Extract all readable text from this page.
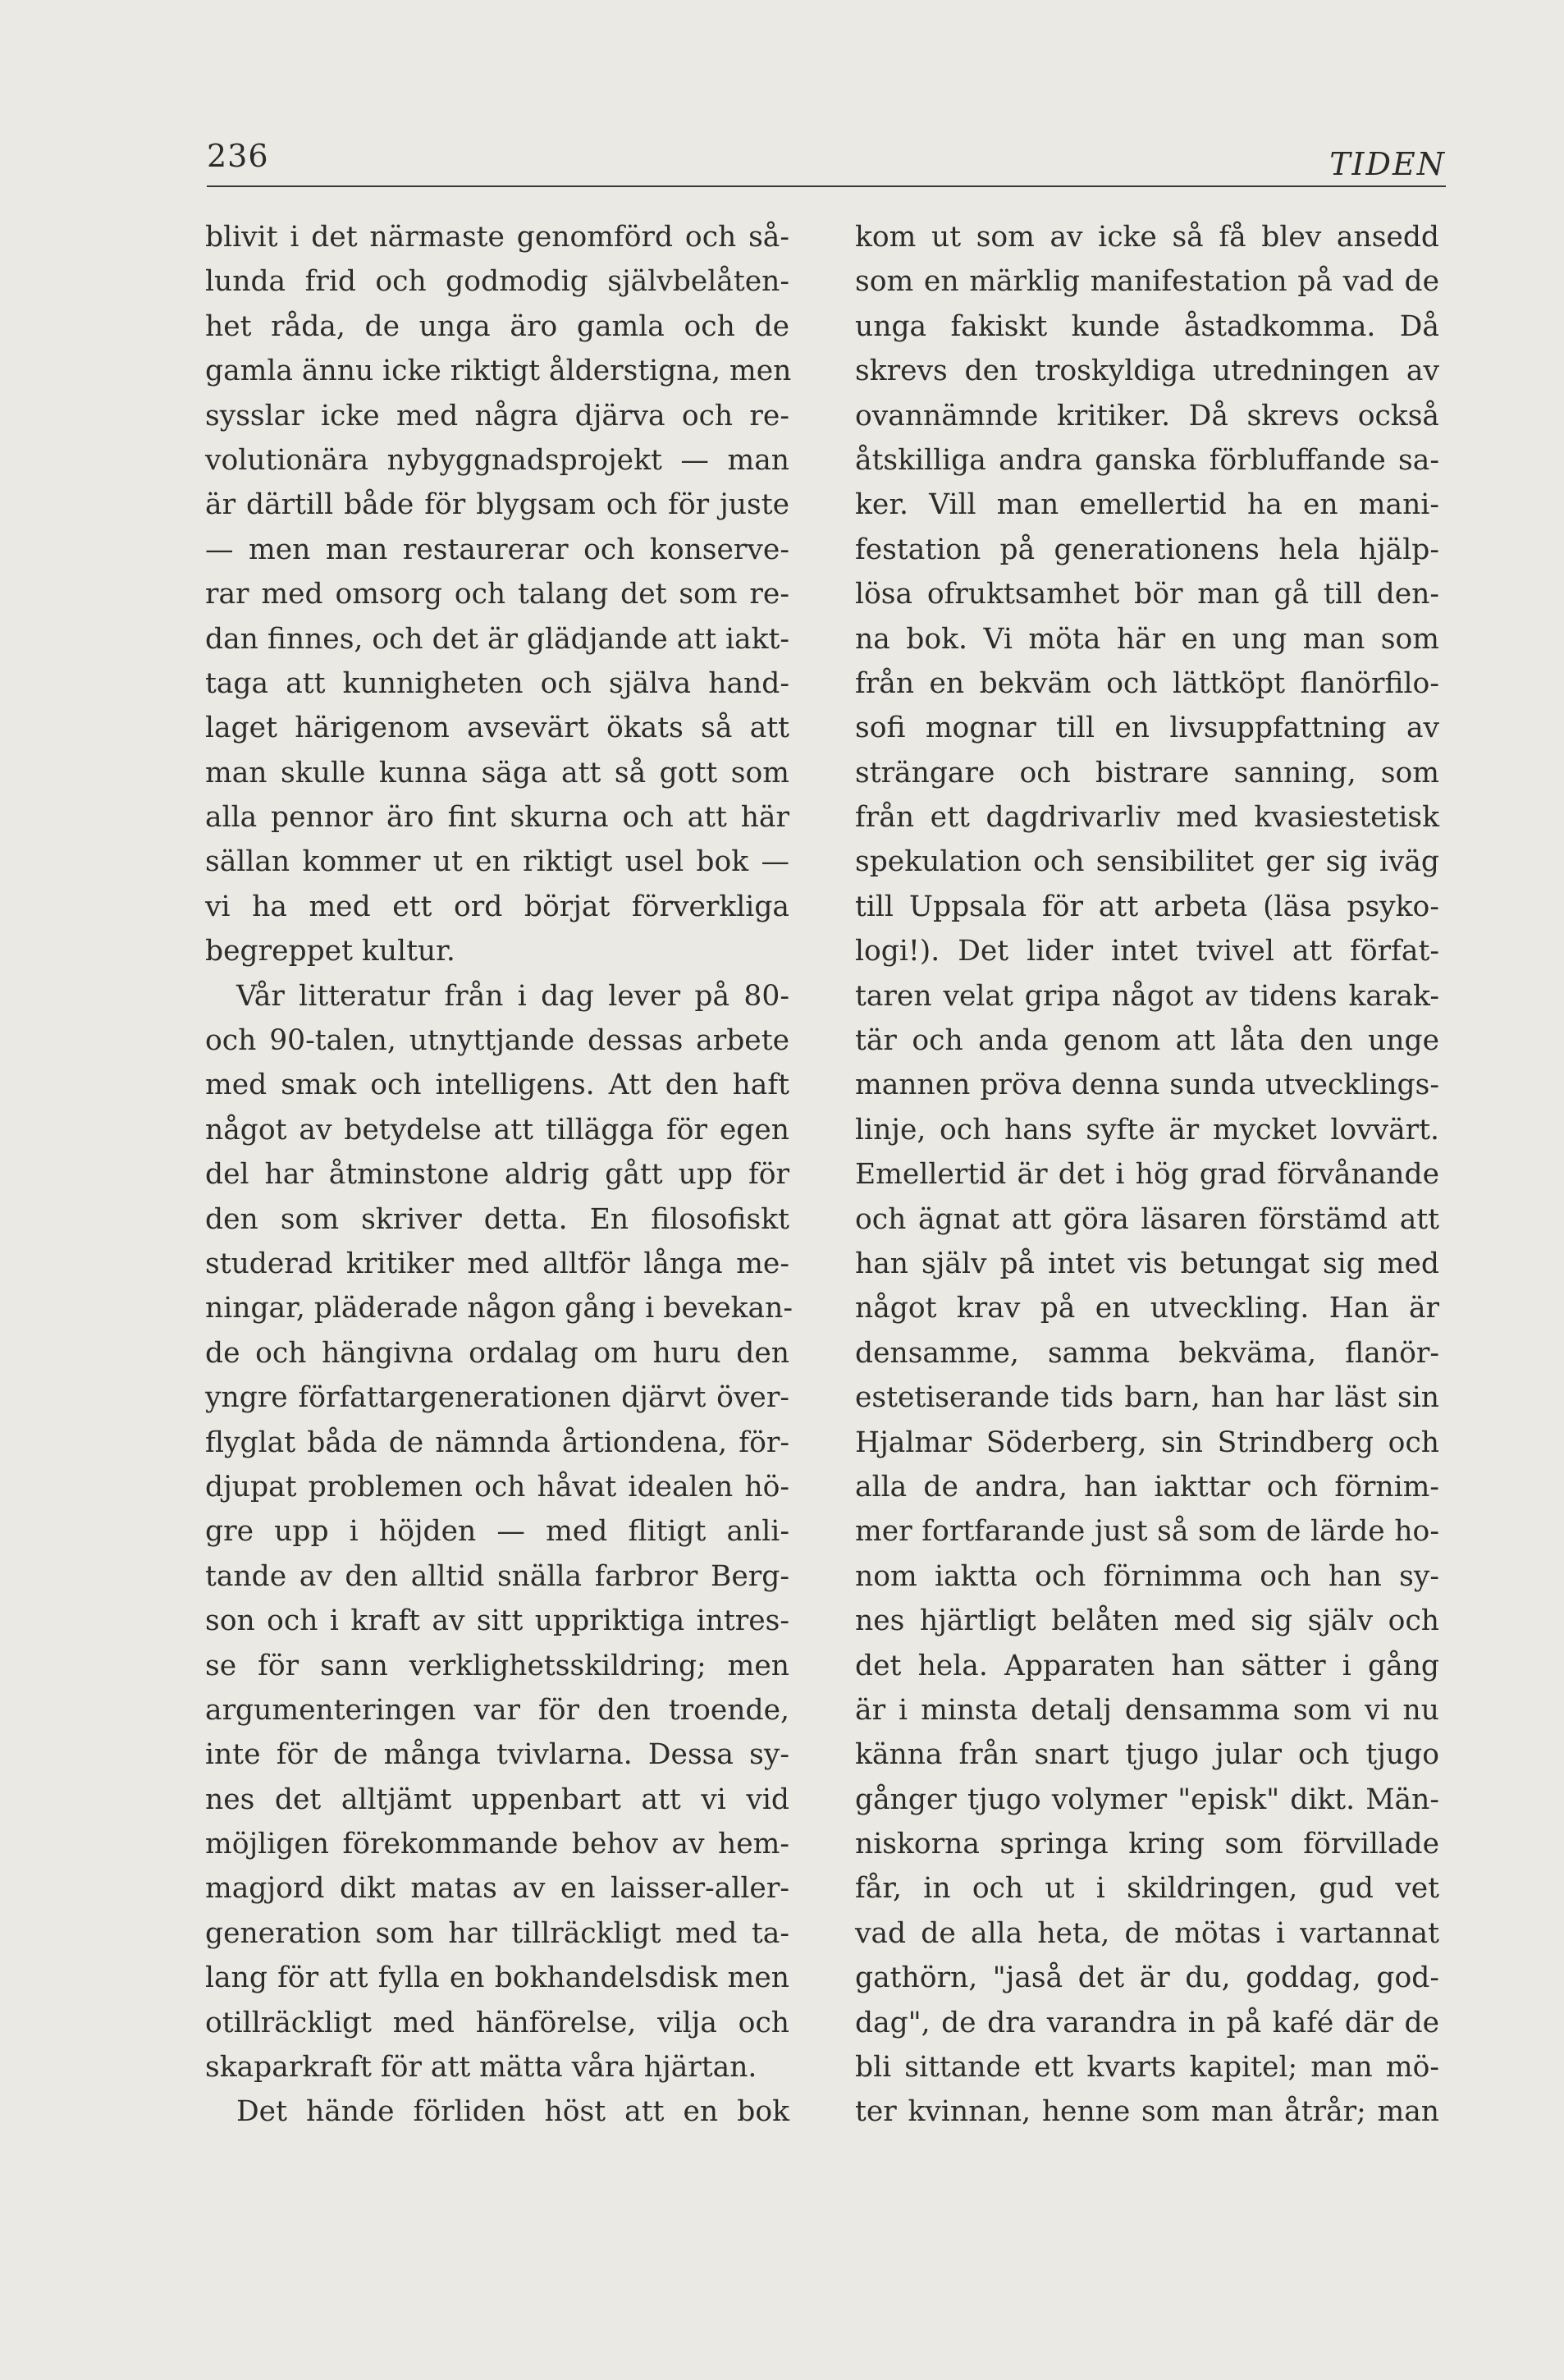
236	TIDEN
blivit i det närmaste genomförd och så-
lunda frid och godmodig självbelåten-
het råda, de unga äro gamla och de
gamla ännu icke riktigt ålderstigna, men
sysslar icke med några djärva och re-
volutionära nybyggnadsprojekt — man
är därtill både för blygsam och för juste
— men man restaurerar och konserve-
rar med omsorg och talang det som re-
dan finnes, och det är glädjande att iakt-
taga att kunnigheten och själva hand-
laget härigenom avsevärt ökats så att
man skulle kunna säga att så gott som
alla pennor äro fint skurna och att här
sällan kommer ut en riktigt usel bok —
vi ha med ett ord börjat förverkliga
begreppet kultur.
Vår litteratur från i dag lever på 80-
och 90-talen, utnyttjande dessas arbete
med smak och intelligens. Att den haft
något av betydelse att tillägga för egen
del har åtminstone aldrig gått upp för
den som skriver detta. En filosofiskt
studerad kritiker med alltför långa me-
ningar, pläderade någon gång i bevekan-
de och hängivna ordalag om huru den
yngre författargenerationen djärvt över-
flyglat båda de nämnda årtiondena, för-
djupat problemen och håvat idealen hö-
gre upp i höjden — med flitigt anli-
tande av den alltid snälla farbror Berg-
son och i kraft av sitt uppriktiga intres-
se för sann verklighetsskildring; men
argumenteringen var för den troende,
inte för de många tvivlarna. Dessa sy-
nes det alltjämt uppenbart att vi vid
möjligen förekommande behov av hem-
magjord dikt matas av en laisser-aller-
generation som har tillräckligt med ta-
lang för att fylla en bokhandelsdisk men
otillräckligt med hänförelse, vilja och
skaparkraft för att mätta våra hjärtan.
Det hände förliden höst att en bok
kom ut som av icke så få blev ansedd
som en märklig manifestation på vad de
unga fakiskt kunde åstadkomma. Då
skrevs den troskyldiga utredningen av
ovannämnde kritiker. Då skrevs också
åtskilliga andra ganska förbluffande sa-
ker. Vill man emellertid ha en mani-
festation på generationens hela hjälp-
lösa ofruktsamhet bör man gå till den-
na bok. Vi möta här en ung man som
från en bekväm och lättköpt flanörfilo-
sofi mognar till en livsuppfattning av
strängare och bistrare sanning, som
från ett dagdrivarliv med kvasiestetisk
spekulation och sensibilitet ger sig iväg
till Uppsala för att arbeta (läsa psyko-
logi!). Det lider intet tvivel att förfat-
taren velat gripa något av tidens karak-
tär och anda genom att låta den unge
mannen pröva denna sunda utvecklings-
linje, och hans syfte är mycket lovvärt.
Emellertid är det i hög grad förvånande
och ägnat att göra läsaren förstämd att
han själv på intet vis betungat sig med
något krav på en utveckling. Han är
densamme, samma bekväma, flanör-
estetiserande tids barn, han har läst sin
Hjalmar Söderberg, sin Strindberg och
alla de andra, han iakttar och förnim-
mer fortfarande just så som de lärde ho-
nom iaktta och förnimma och han sy-
nes hjärtligt belåten med sig själv och
det hela. Apparaten han sätter i gång
är i minsta detalj densamma som vi nu
känna från snart tjugo jular och tjugo
gånger tjugo volymer "episk" dikt. Män-
niskorna springa kring som förvillade
får, in och ut i skildringen, gud vet
vad de alla heta, de mötas i vartannat
gathörn, "jaså det är du, goddag, god-
dag", de dra varandra in på kafé där de
bli sittande ett kvarts kapitel; man mö-
ter kvinnan, henne som man åtrår; man
